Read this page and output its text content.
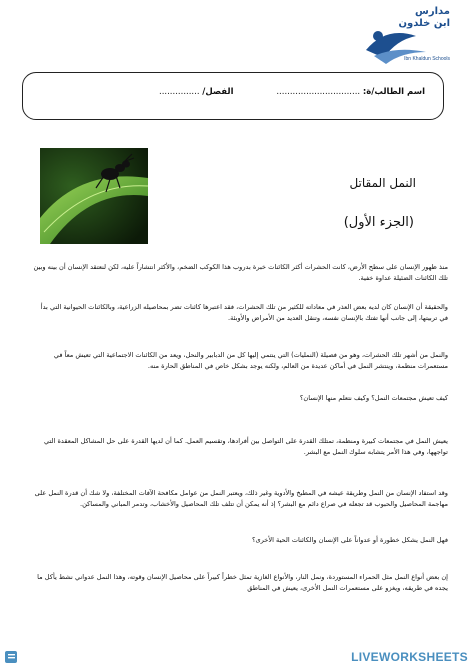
مدارس
ابن خلدون
Ibn Khaldun Schools
اسم الطالب/ة: ...............................
الفصل/ ...............
النمل المقاتل
(الجزء الأول)

منذ ظهور الإنسان على سطح الأرض، كانت الحشرات أكثر الكائنات خبرة بدروب هذا الكوكب الضخم، والأكثر انتشاراً عليه، لكن لنعتقد الإنسان أن بينه وبين تلك الكائنات الضئيلة عداوة خفية.

والحقيقة أن الإنسان كان لديه بعض العذر في معاداته للكثير من تلك الحشرات، فقد اعتبرها كائنات تضر بمحاصيله الزراعية، وبالكائنات الحيوانية التي بدأ في تربيتها، إلى جانب أنها تفتك بالإنسان نفسه، وتنقل العديد من الأمراض والأوبئة.

والنمل من أشهر تلك الحشرات، وهو من فصيلة (النمليات) التي ينتمي إليها كل من الدبابير والنحل، ويعد من الكائنات الاجتماعية التي تعيش معاً في مستعمرات منظمة، وينتشر النمل في أماكن عديدة من العالم، ولكنه يوجد بشكل خاص في المناطق الحارة منه.

كيف تعيش مجتمعات النمل؟ وكيف نتعلم منها الإنسان؟

يعيش النمل في مجتمعات كبيرة ومنظمة، تمتلك القدرة على التواصل بين أفرادها، وتقسيم العمل. كما أن لديها القدرة على حل المشاكل المعقدة التي تواجهها، وفي هذا الأمر يتشابه سلوك النمل مع البشر.

وقد استفاد الإنسان من النمل وطريقة عيشه في المطبخ والأدوية وغير ذلك، ويعتبر النمل من عوامل مكافحة الآفات المختلفة، ولا شك أن قدرة النمل على مهاجمة المحاصيل والحبوب قد تجعله في صراع دائم مع البشر؟ إذ أنه يمكن أن تتلف تلك المحاصيل والأخشاب، وتدمر المباني والمساكن.

فهل النمل يشكل خطورة أو عدواناً على الإنسان والكائنات الحية الأخرى؟

إن بعض أنواع النمل مثل الحمراء المستوردة، ونمل النار، والأنواع الغازية تمثل خطراً كبيراً على محاصيل الإنسان وقوته، وهذا النمل عدواني نشط يأكل ما يجده في طريقه، ويغزو على مستعمرات النمل الأخرى، يعيش في المناطق

LIVEWORKSHEETS
